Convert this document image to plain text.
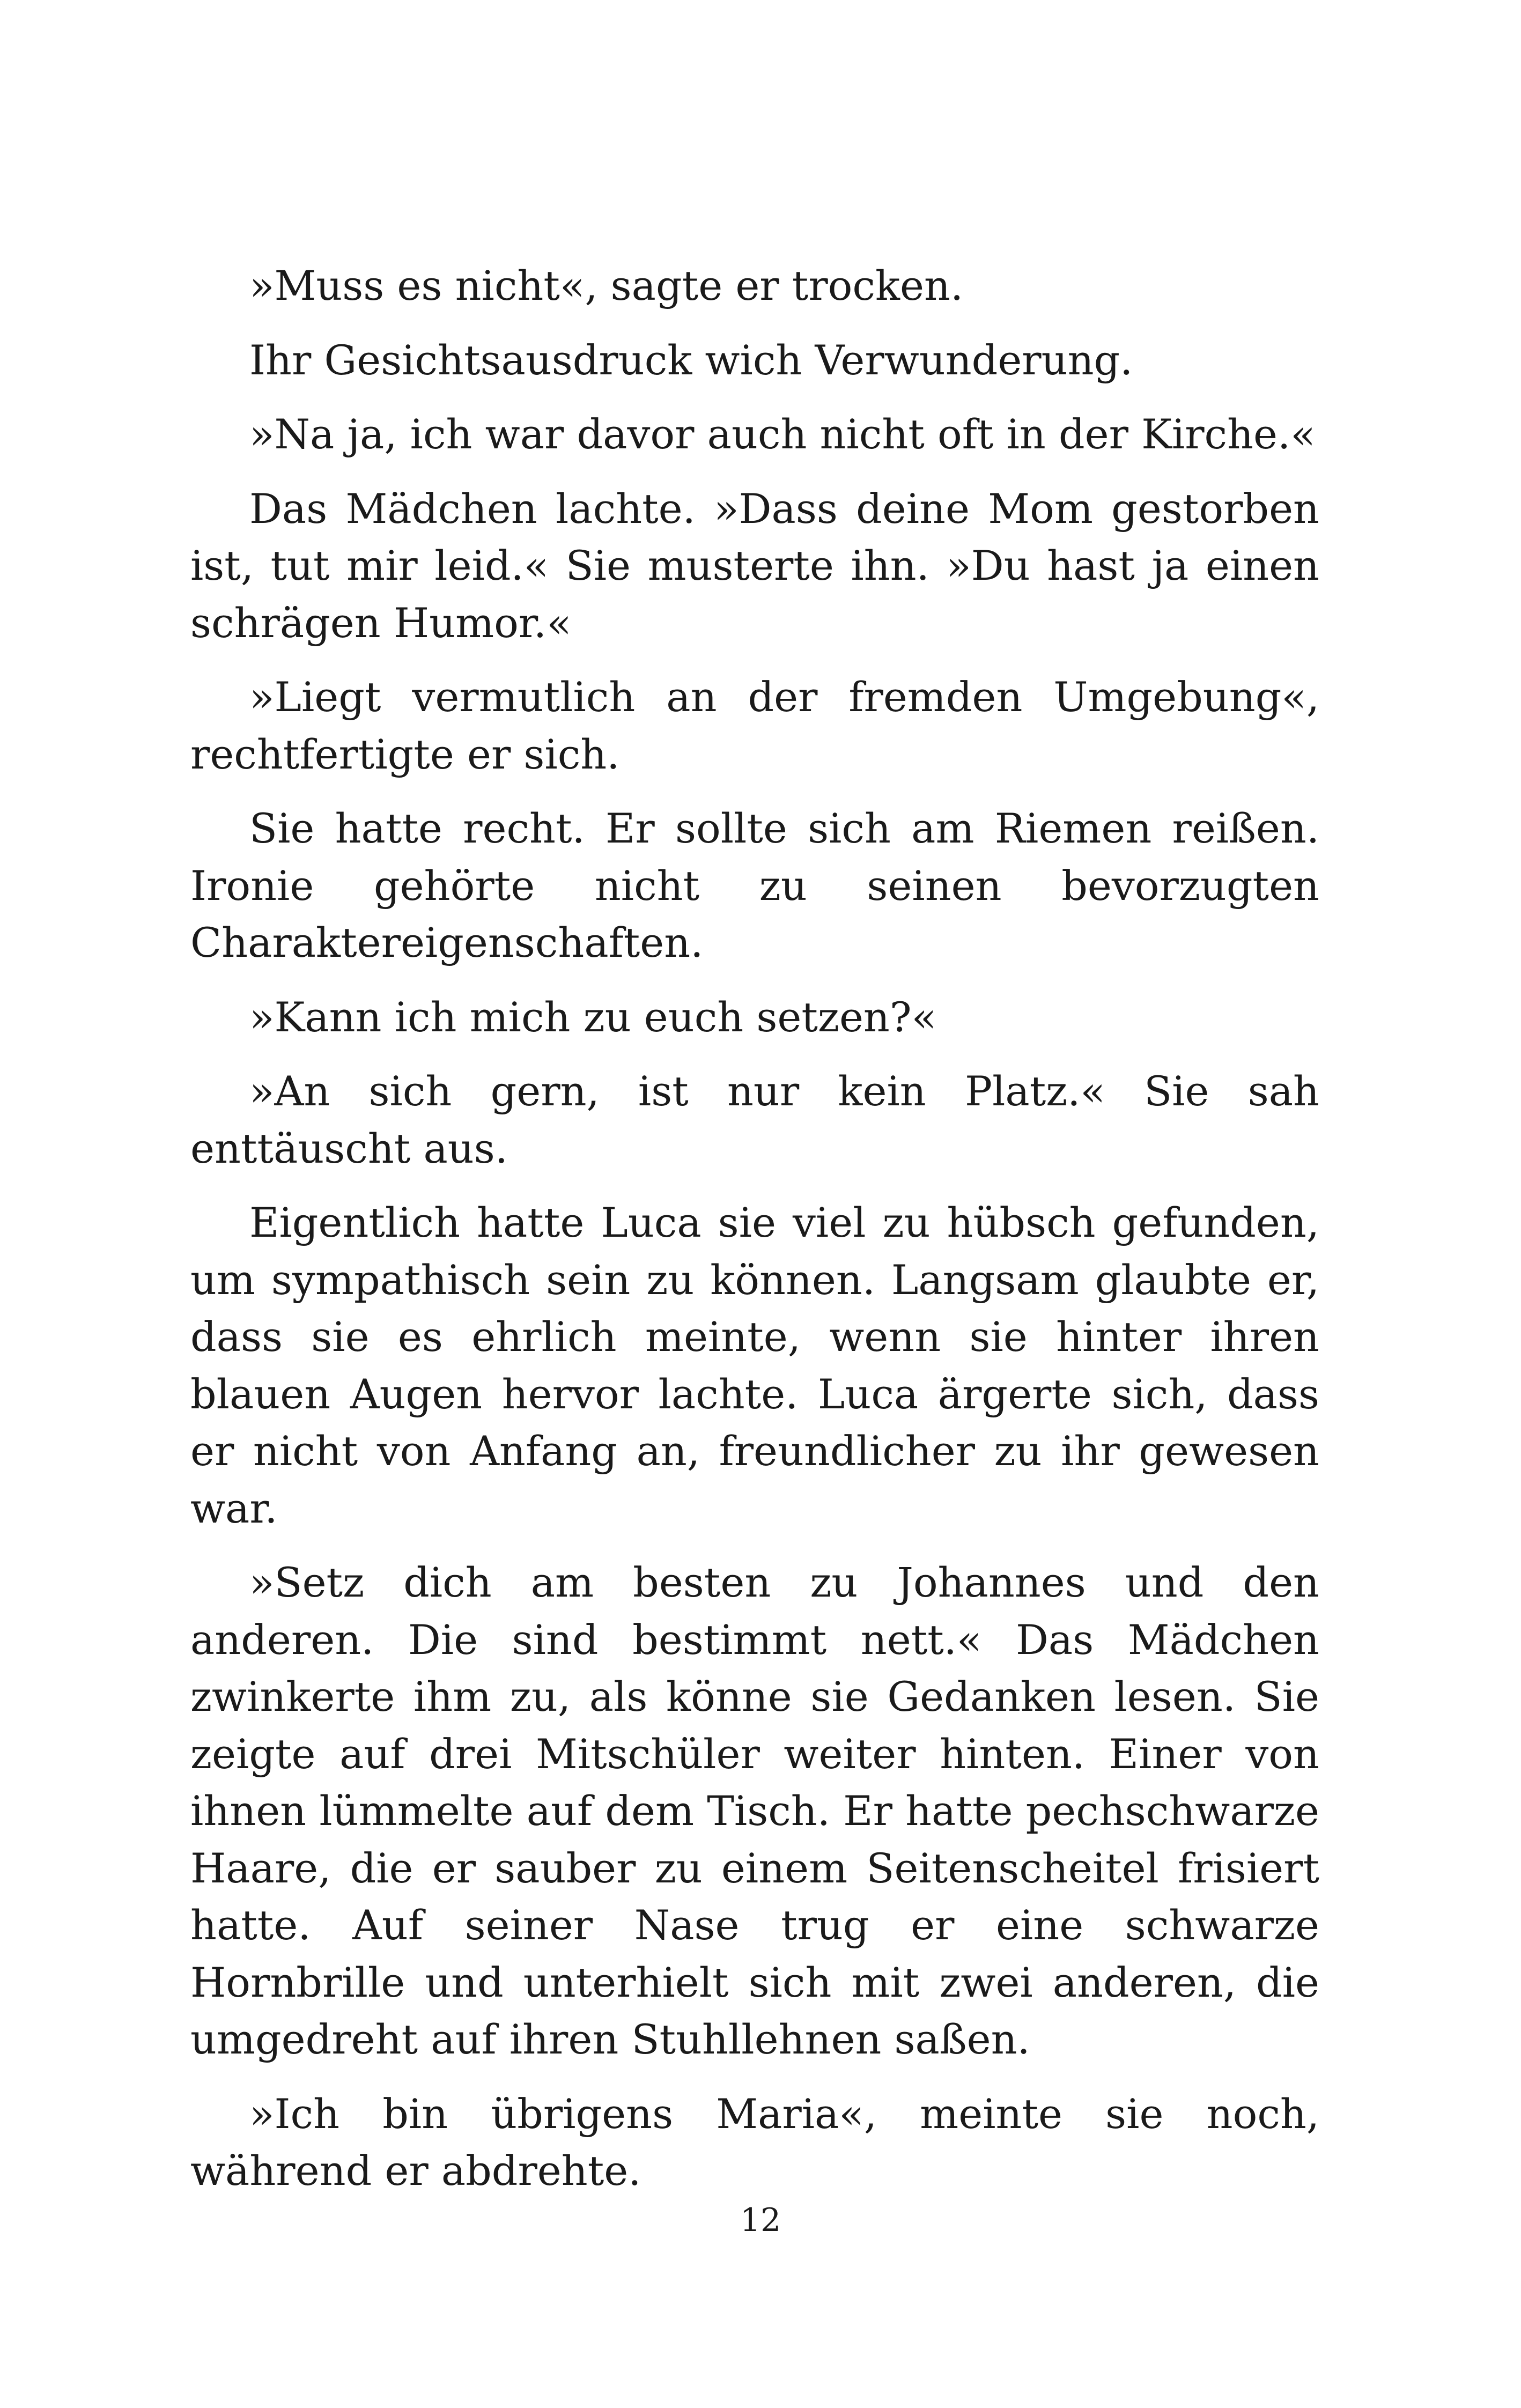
»Muss es nicht«, sagte er trocken.

Ihr Gesichtsausdruck wich Verwunderung.

»Na ja, ich war davor auch nicht oft in der Kirche.«

Das Mädchen lachte. »Dass deine Mom gestorben ist, tut mir leid.« Sie musterte ihn. »Du hast ja einen schrägen Humor.«

»Liegt vermutlich an der fremden Umgebung«, rechtfertigte er sich.

Sie hatte recht. Er sollte sich am Riemen reißen. Ironie gehörte nicht zu seinen bevorzugten Charaktereigenschaften.

»Kann ich mich zu euch setzen?«

»An sich gern, ist nur kein Platz.« Sie sah enttäuscht aus.

Eigentlich hatte Luca sie viel zu hübsch gefunden, um sympathisch sein zu können. Langsam glaubte er, dass sie es ehrlich meinte, wenn sie hinter ihren blauen Augen hervor lachte. Luca ärgerte sich, dass er nicht von Anfang an, freundlicher zu ihr gewesen war.

»Setz dich am besten zu Johannes und den anderen. Die sind bestimmt nett.« Das Mädchen zwinkerte ihm zu, als könne sie Gedanken lesen. Sie zeigte auf drei Mitschüler weiter hinten. Einer von ihnen lümmelte auf dem Tisch. Er hatte pechschwarze Haare, die er sauber zu einem Seitenscheitel frisiert hatte. Auf seiner Nase trug er eine schwarze Hornbrille und unterhielt sich mit zwei anderen, die umgedreht auf ihren Stuhllehnen saßen.

»Ich bin übrigens Maria«, meinte sie noch, während er abdrehte.

12
